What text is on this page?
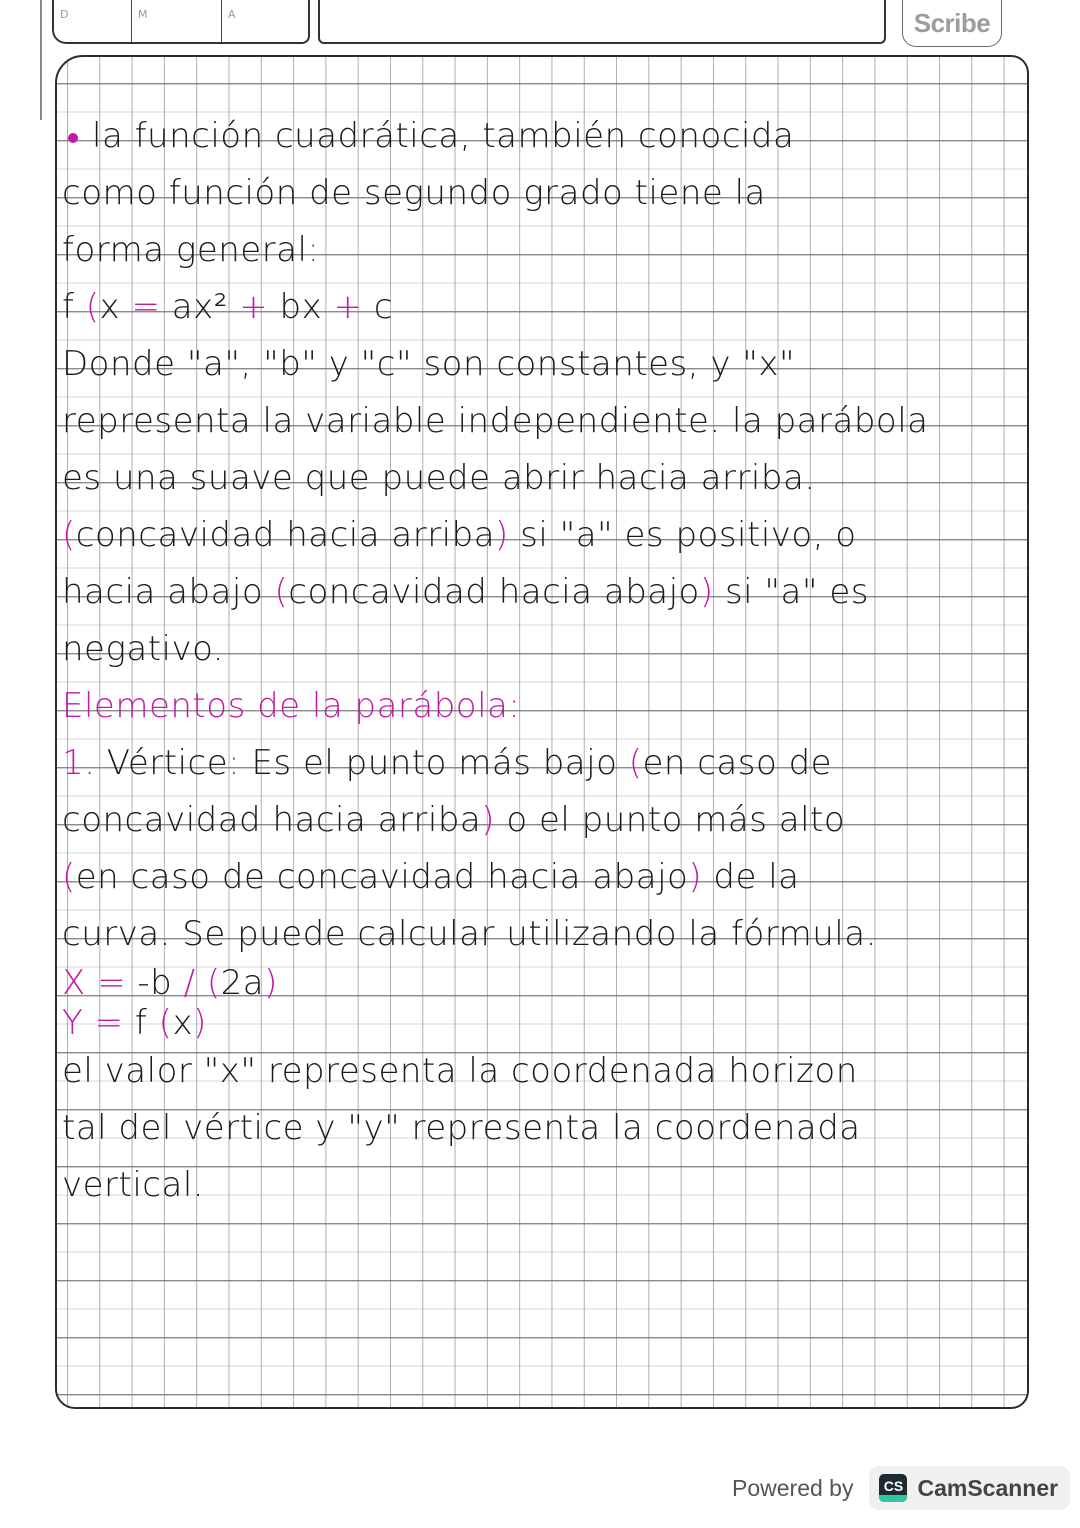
D	M	A	Scribe
la función cuadrática, también conocida
como función de segundo grado tiene la
forma general:
f (x = ax² + bx + c
Donde "a", "b" y "c" son constantes, y "x"
representa la variable independiente. la parábola
es una suave que puede abrir hacia arriba.
(concavidad hacia arriba) si "a" es positivo, o
hacia abajo (concavidad hacia abajo) si "a" es
negativo.
Elementos de la parábola:
1. Vértice: Es el punto más bajo (en caso de
concavidad hacia arriba) o el punto más alto
(en caso de concavidad hacia abajo) de la
curva. Se puede calcular utilizando la fórmula.
X = -b / (2a)
Y = f (x)
el valor "x" representa la coordenada horizon
tal del vértice y "y" representa la coordenada
vertical.
Powered by CS CamScanner
